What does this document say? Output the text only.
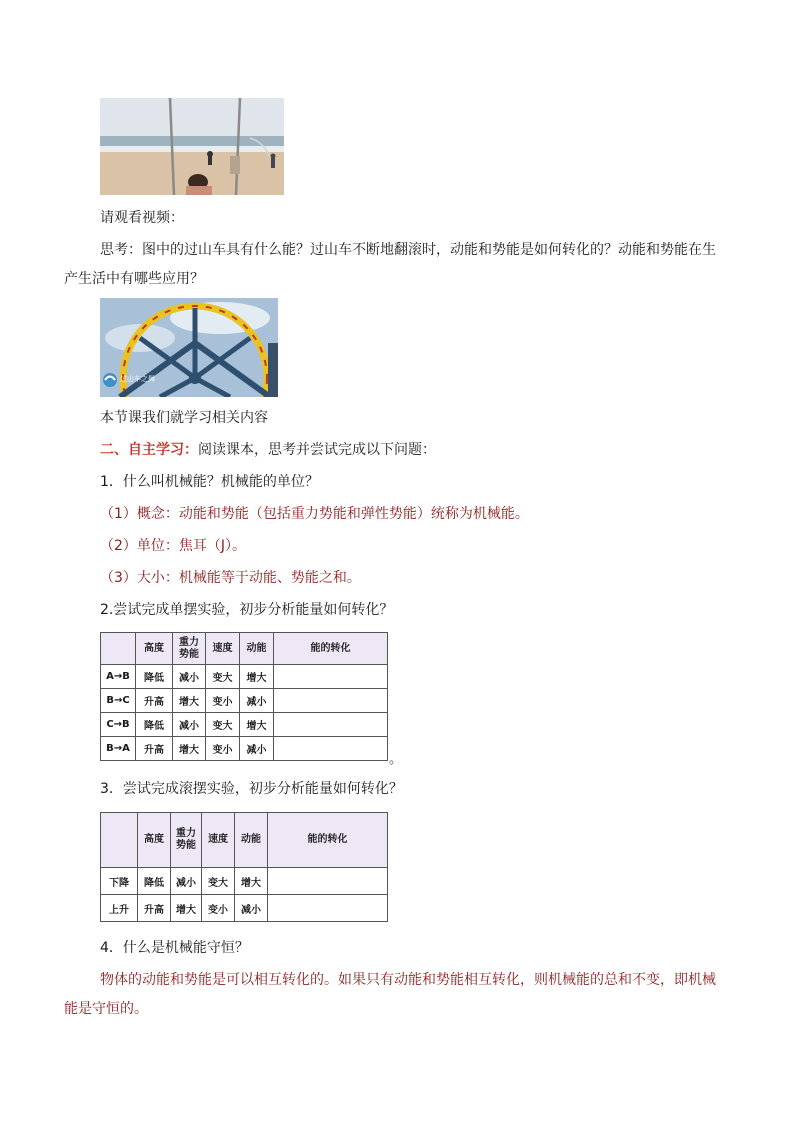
请观看视频：
思考：图中的过山车具有什么能？过山车不断地翻滚时，动能和势能是如何转化的？动能和势能在生
产生活中有哪些应用？
过山车之舞
本节课我们就学习相关内容
二、自主学习：阅读课本，思考并尝试完成以下问题：
1．什么叫机械能？机械能的单位？
（1）概念：动能和势能（包括重力势能和弹性势能）统称为机械能。
（2）单位：焦耳（J）。
（3）大小：机械能等于动能、势能之和。
2.尝试完成单摆实验，初步分析能量如何转化？
	高度	重力势能	速度	动能	能的转化
A→B	降低	减小	变大	增大	
B→C	升高	增大	变小	减小	
C→B	降低	减小	变大	增大	
B→A	升高	增大	变小	减小	
。
3．尝试完成滚摆实验，初步分析能量如何转化？
	高度	重力势能	速度	动能	能的转化
下降	降低	减小	变大	增大	
上升	升高	增大	变小	减小	
4．什么是机械能守恒？
物体的动能和势能是可以相互转化的。如果只有动能和势能相互转化，则机械能的总和不变，即机械
能是守恒的。
